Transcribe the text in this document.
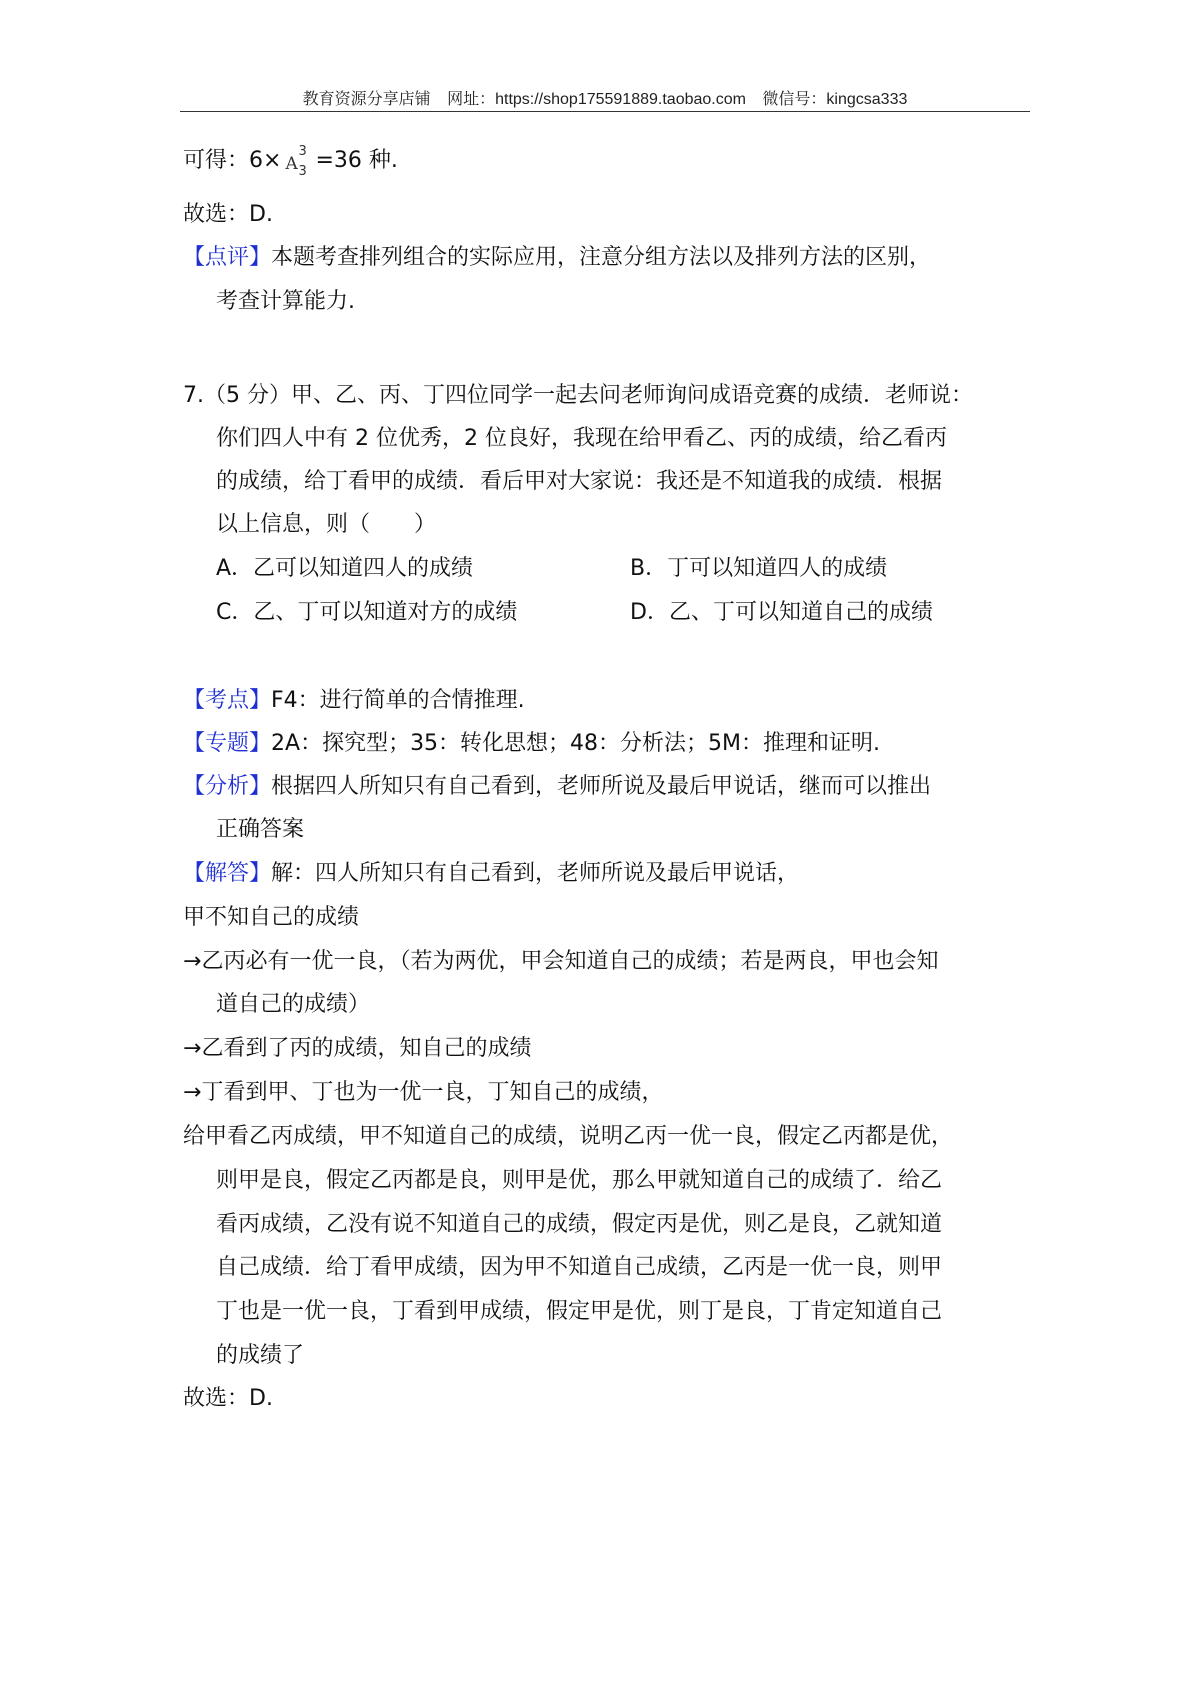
教育资源分享店铺 网址：https://shop175591889.taobao.com 微信号：kingcsa333
可得：6× A
3
3 =36 种.
故选：D.
【点评】本题考查排列组合的实际应用，注意分组方法以及排列方法的区别，
考查计算能力.
7.（5 分）甲、乙、丙、丁四位同学一起去问老师询问成语竞赛的成绩．老师说：
你们四人中有 2 位优秀，2 位良好，我现在给甲看乙、丙的成绩，给乙看丙
的成绩，给丁看甲的成绩．看后甲对大家说：我还是不知道我的成绩．根据
以上信息，则（　　）
A．乙可以知道四人的成绩	B．丁可以知道四人的成绩
C．乙、丁可以知道对方的成绩	D．乙、丁可以知道自己的成绩
【考点】F4：进行简单的合情推理.
【专题】2A：探究型；35：转化思想；48：分析法；5M：推理和证明.
【分析】根据四人所知只有自己看到，老师所说及最后甲说话，继而可以推出
正确答案
【解答】解：四人所知只有自己看到，老师所说及最后甲说话，
甲不知自己的成绩
→乙丙必有一优一良，（若为两优，甲会知道自己的成绩；若是两良，甲也会知
道自己的成绩）
→乙看到了丙的成绩，知自己的成绩
→丁看到甲、丁也为一优一良，丁知自己的成绩，
给甲看乙丙成绩，甲不知道自己的成绩，说明乙丙一优一良，假定乙丙都是优，
则甲是良，假定乙丙都是良，则甲是优，那么甲就知道自己的成绩了．给乙
看丙成绩，乙没有说不知道自己的成绩，假定丙是优，则乙是良，乙就知道
自己成绩．给丁看甲成绩，因为甲不知道自己成绩，乙丙是一优一良，则甲
丁也是一优一良，丁看到甲成绩，假定甲是优，则丁是良，丁肯定知道自己
的成绩了
故选：D.
